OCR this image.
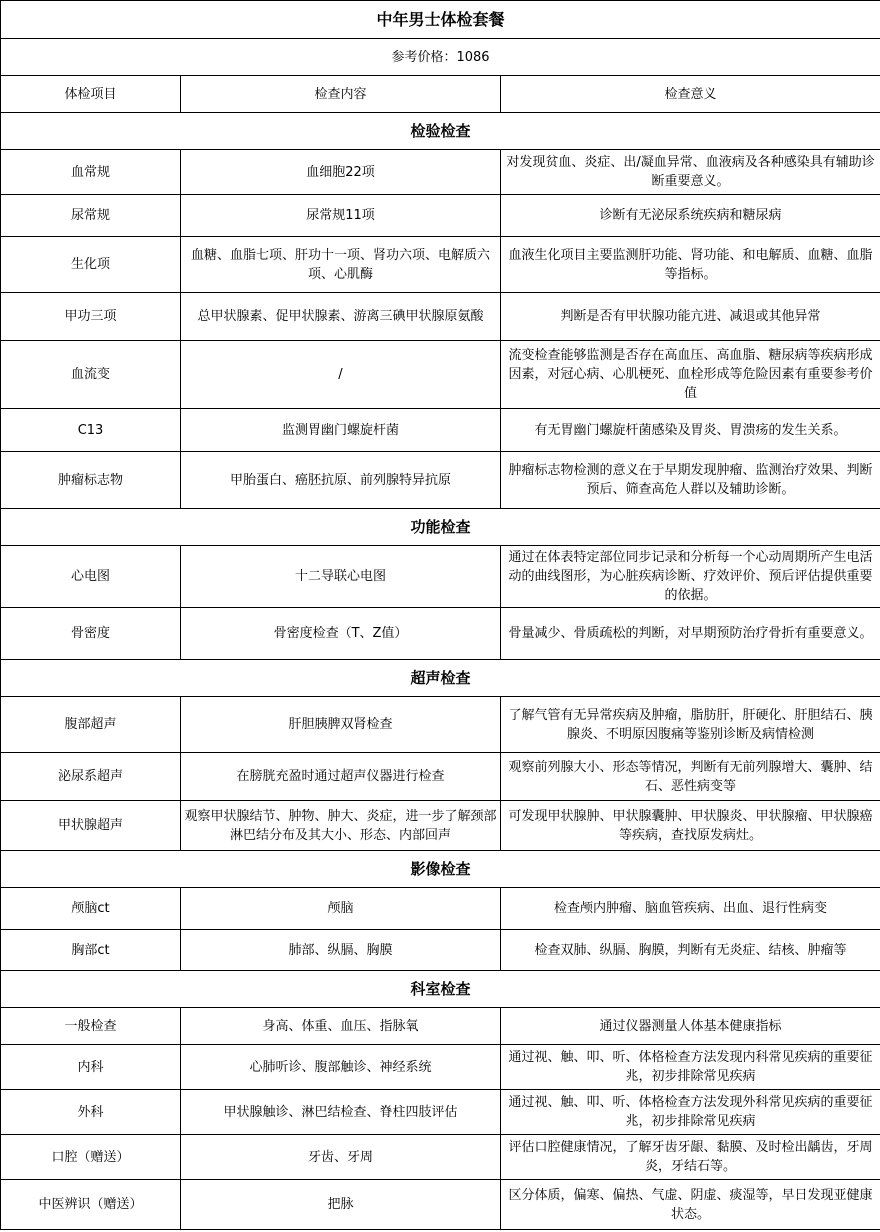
中年男士体检套餐		
参考价格：1086		
体检项目	检查内容	检查意义
检验检查		

血常规	血细胞22项	对发现贫血、炎症、出/凝血异常、血液病及各种感染具有辅助诊断重要意义。

尿常规	尿常规11项	诊断有无泌尿系统疾病和糖尿病

生化项	血糖、血脂七项、肝功十一项、肾功六项、电解质六项、心肌酶	血液生化项目主要监测肝功能、肾功能、和电解质、血糖、血脂等指标。

甲功三项	总甲状腺素、促甲状腺素、游离三碘甲状腺原氨酸	判断是否有甲状腺功能亢进、减退或其他异常

血流变	/	流变检查能够监测是否存在高血压、高血脂、糖尿病等疾病形成因素，对冠心病、心肌梗死、血栓形成等危险因素有重要参考价值

C13	监测胃幽门螺旋杆菌	有无胃幽门螺旋杆菌感染及胃炎、胃溃疡的发生关系。

肿瘤标志物	甲胎蛋白、癌胚抗原、前列腺特异抗原	肿瘤标志物检测的意义在于早期发现肿瘤、监测治疗效果、判断预后、筛查高危人群以及辅助诊断。

功能检查		

心电图	十二导联心电图	通过在体表特定部位同步记录和分析每一个心动周期所产生电活动的曲线图形，为心脏疾病诊断、疗效评价、预后评估提供重要的依据。

骨密度	骨密度检查（T、Z值）	骨量减少、骨质疏松的判断，对早期预防治疗骨折有重要意义。

超声检查		

腹部超声	肝胆胰脾双肾检查	了解气管有无异常疾病及肿瘤，脂肪肝，肝硬化、肝胆结石、胰腺炎、不明原因腹痛等鉴别诊断及病情检测

泌尿系超声	在膀胱充盈时通过超声仪器进行检查	观察前列腺大小、形态等情况，判断有无前列腺增大、囊肿、结石、恶性病变等

甲状腺超声	观察甲状腺结节、肿物、肿大、炎症，进一步了解颈部淋巴结分布及其大小、形态、内部回声	可发现甲状腺肿、甲状腺囊肿、甲状腺炎、甲状腺瘤、甲状腺癌等疾病，查找原发病灶。

影像检查		

颅脑ct	颅脑	检查颅内肿瘤、脑血管疾病、出血、退行性病变

胸部ct	肺部、纵膈、胸膜	检查双肺、纵膈、胸膜，判断有无炎症、结核、肿瘤等

科室检查		

一般检查	身高、体重、血压、指脉氧	通过仪器测量人体基本健康指标

内科	心肺听诊、腹部触诊、神经系统	通过视、触、叩、听、体格检查方法发现内科常见疾病的重要征兆，初步排除常见疾病

外科	甲状腺触诊、淋巴结检查、脊柱四肢评估	通过视、触、叩、听、体格检查方法发现外科常见疾病的重要征兆，初步排除常见疾病

口腔（赠送）	牙齿、牙周	评估口腔健康情况，了解牙齿牙龈、黏膜、及时检出龋齿，牙周炎，牙结石等。

中医辨识（赠送）	把脉	区分体质，偏寒、偏热、气虚、阴虚、痰湿等，早日发现亚健康状态。
